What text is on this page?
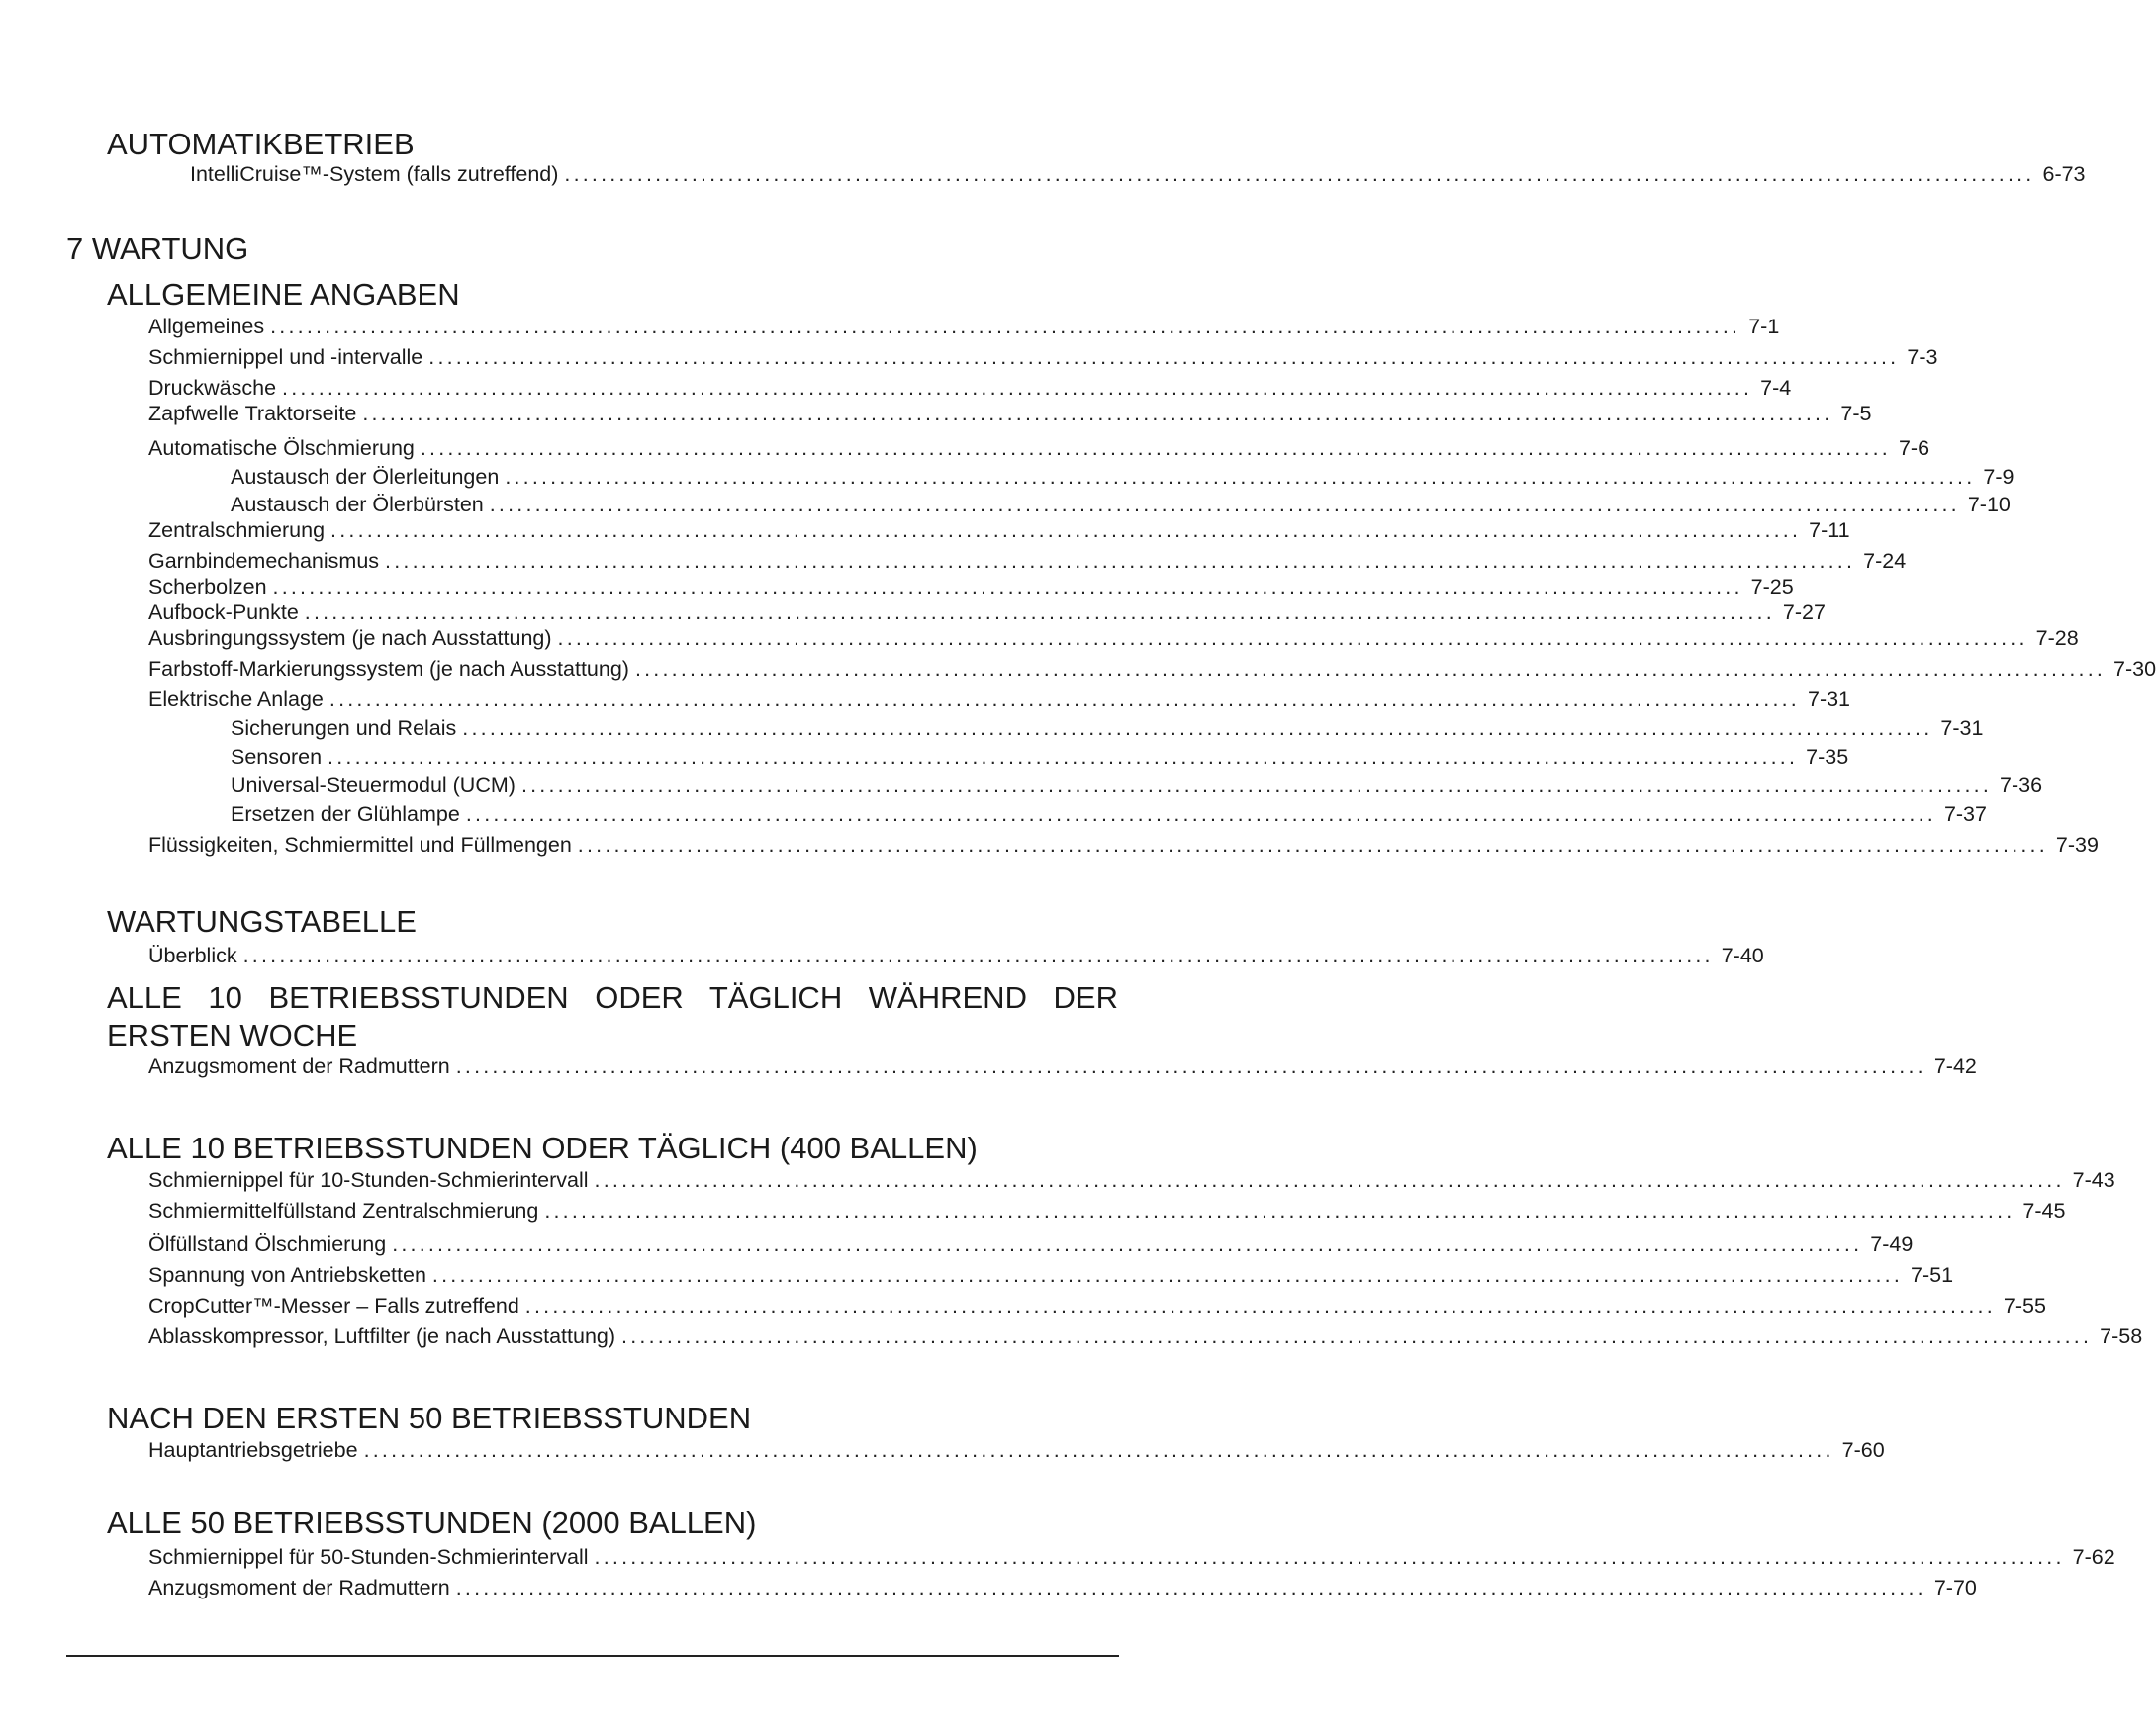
AUTOMATIKBETRIEB
IntelliCruise™-System (falls zutreffend) .................................................................................................................................................................. 6-73
7 WARTUNG
ALLGEMEINE ANGABEN
Allgemeines .................................................................................................................................................................. 7-1
Schmiernippel und -intervalle .................................................................................................................................................................. 7-3
Druckwäsche .................................................................................................................................................................. 7-4
Zapfwelle Traktorseite .................................................................................................................................................................. 7-5
Automatische Ölschmierung .................................................................................................................................................................. 7-6
Austausch der Ölerleitungen .................................................................................................................................................................. 7-9
Austausch der Ölerbürsten .................................................................................................................................................................. 7-10
Zentralschmierung .................................................................................................................................................................. 7-11
Garnbindemechanismus .................................................................................................................................................................. 7-24
Scherbolzen .................................................................................................................................................................. 7-25
Aufbock-Punkte .................................................................................................................................................................. 7-27
Ausbringungssystem (je nach Ausstattung) .................................................................................................................................................................. 7-28
Farbstoff-Markierungssystem (je nach Ausstattung) .................................................................................................................................................................. 7-30
Elektrische Anlage .................................................................................................................................................................. 7-31
Sicherungen und Relais .................................................................................................................................................................. 7-31
Sensoren .................................................................................................................................................................. 7-35
Universal-Steuermodul (UCM) .................................................................................................................................................................. 7-36
Ersetzen der Glühlampe .................................................................................................................................................................. 7-37
Flüssigkeiten, Schmiermittel und Füllmengen .................................................................................................................................................................. 7-39
WARTUNGSTABELLE
Überblick .................................................................................................................................................................. 7-40
ALLE 10 BETRIEBSSTUNDEN ODER TÄGLICH WÄHREND DER ERSTEN WOCHE
Anzugsmoment der Radmuttern .................................................................................................................................................................. 7-42
ALLE 10 BETRIEBSSTUNDEN ODER TÄGLICH (400 BALLEN)
Schmiernippel für 10-Stunden-Schmierintervall .................................................................................................................................................................. 7-43
Schmiermittelfüllstand Zentralschmierung .................................................................................................................................................................. 7-45
Ölfüllstand Ölschmierung .................................................................................................................................................................. 7-49
Spannung von Antriebsketten .................................................................................................................................................................. 7-51
CropCutter™-Messer – Falls zutreffend .................................................................................................................................................................. 7-55
Ablasskompressor, Luftfilter (je nach Ausstattung) .................................................................................................................................................................. 7-58
NACH DEN ERSTEN 50 BETRIEBSSTUNDEN
Hauptantriebsgetriebe .................................................................................................................................................................. 7-60
ALLE 50 BETRIEBSSTUNDEN (2000 BALLEN)
Schmiernippel für 50-Stunden-Schmierintervall .................................................................................................................................................................. 7-62
Anzugsmoment der Radmuttern .................................................................................................................................................................. 7-70
